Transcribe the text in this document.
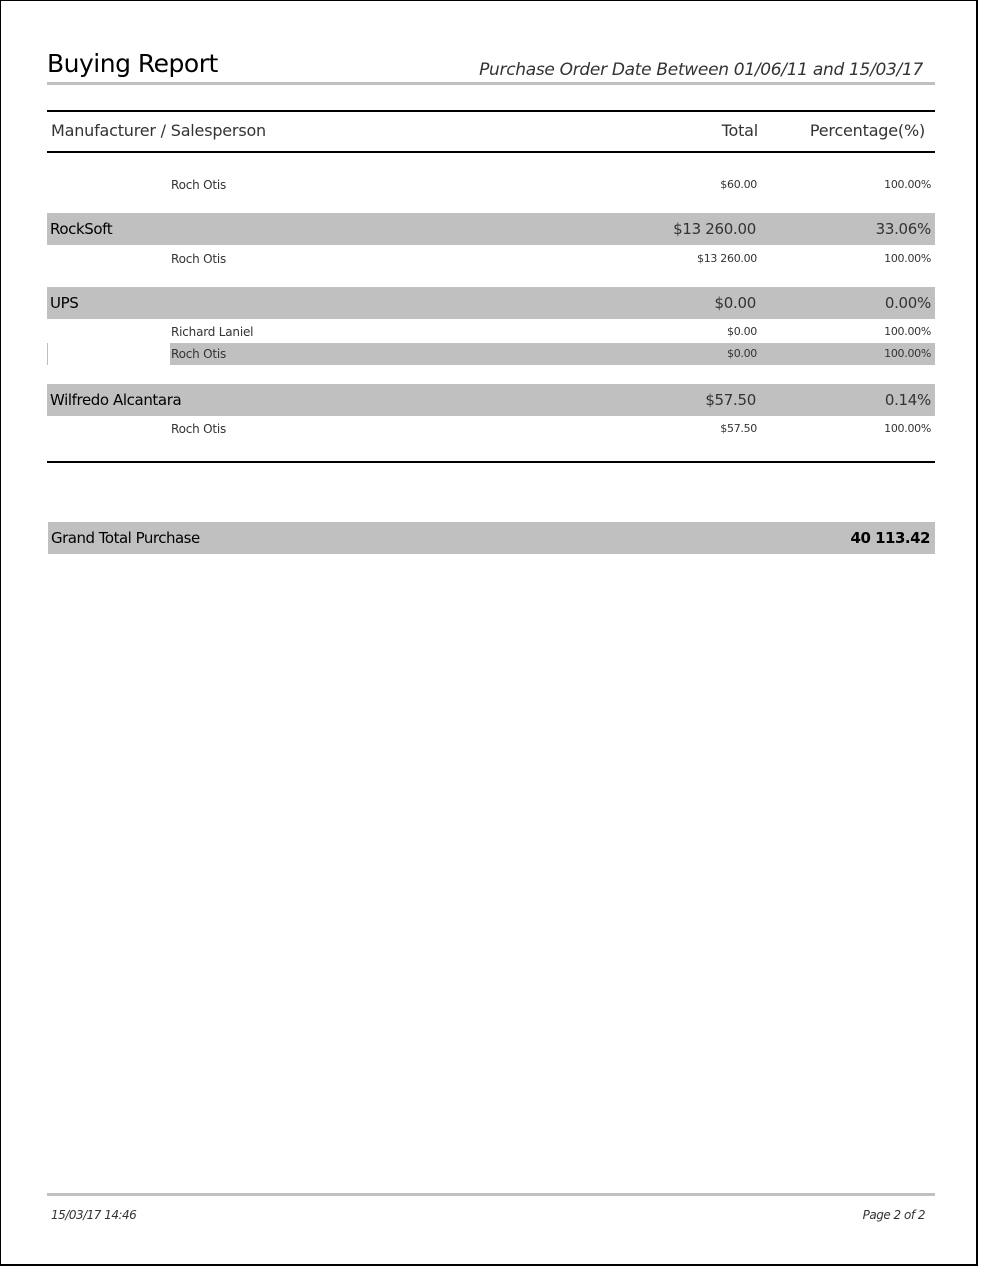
Buying Report	Purchase Order Date Between 01/06/11 and 15/03/17
Manufacturer / Salesperson	Total	Percentage(%)
Roch Otis	$60.00	100.00%
RockSoft	$13 260.00	33.06%
Roch Otis	$13 260.00	100.00%
UPS	$0.00	0.00%
Richard Laniel	$0.00	100.00%
Roch Otis	$0.00	100.00%
Wilfredo Alcantara	$57.50	0.14%
Roch Otis	$57.50	100.00%
Grand Total Purchase	40 113.42
15/03/17 14:46	Page 2 of 2
